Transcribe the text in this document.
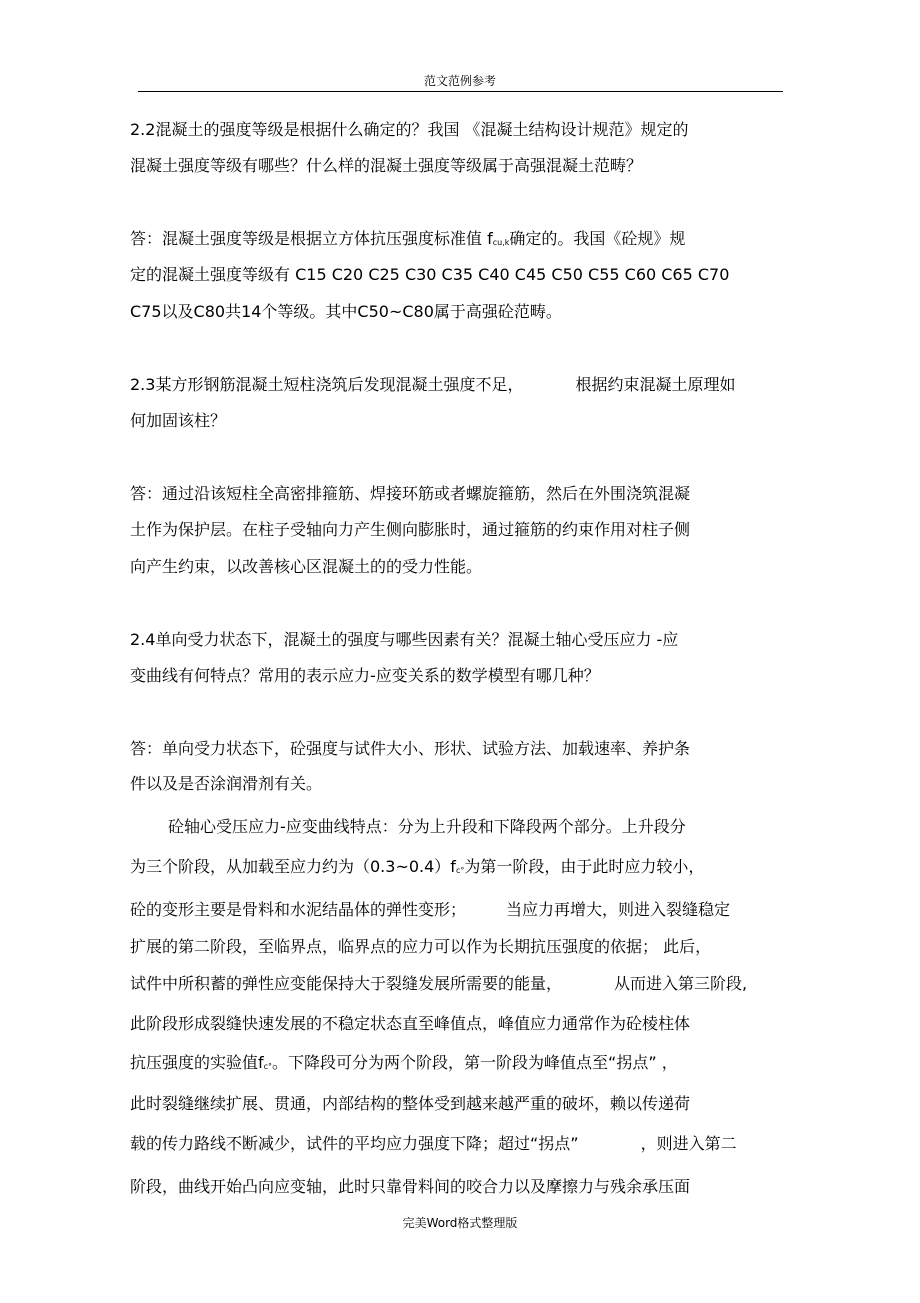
范文范例参考
2.2混凝土的强度等级是根据什么确定的？我国 《混凝土结构设计规范》规定的
混凝土强度等级有哪些？什么样的混凝土强度等级属于高强混凝土范畴？
答：混凝土强度等级是根据立方体抗压强度标准值 fcu,k确定的。我国《砼规》规
定的混凝土强度等级有 C15 C20 C25 C30 C35 C40 C45 C50 C55 C60 C65 C70
C75以及C80共14个等级。其中C50~C80属于高强砼范畴。
2.3某方形钢筋混凝土短柱浇筑后发现混凝土强度不足，	根据约束混凝土原理如
何加固该柱？
答：通过沿该短柱全高密排箍筋、焊接环筋或者螺旋箍筋，然后在外围浇筑混凝
土作为保护层。在柱子受轴向力产生侧向膨胀时，通过箍筋的约束作用对柱子侧
向产生约束，以改善核心区混凝土的的受力性能。
2.4单向受力状态下，混凝土的强度与哪些因素有关？混凝土轴心受压应力 -应
变曲线有何特点？常用的表示应力-应变关系的数学模型有哪几种？
答：单向受力状态下，砼强度与试件大小、形状、试验方法、加载速率、养护条
件以及是否涂润滑剂有关。
砼轴心受压应力-应变曲线特点：分为上升段和下降段两个部分。上升段分
为三个阶段，从加载至应力约为（0.3~0.4）fc°为第一阶段，由于此时应力较小，
砼的变形主要是骨料和水泥结晶体的弹性变形；	当应力再增大，则进入裂缝稳定
扩展的第二阶段，至临界点，临界点的应力可以作为长期抗压强度的依据； 此后，
试件中所积蓄的弹性应变能保持大于裂缝发展所需要的能量，	从而进入第三阶段,
此阶段形成裂缝快速发展的不稳定状态直至峰值点，峰值应力通常作为砼棱柱体
抗压强度的实验值fc°。下降段可分为两个阶段，第一阶段为峰值点至“拐点” ，
此时裂缝继续扩展、贯通，内部结构的整体受到越来越严重的破坏，赖以传递荷
载的传力路线不断减少，试件的平均应力强度下降；超过“拐点”	，则进入第二
阶段，曲线开始凸向应变轴，此时只靠骨料间的咬合力以及摩擦力与残余承压面
完美Word格式整理版
